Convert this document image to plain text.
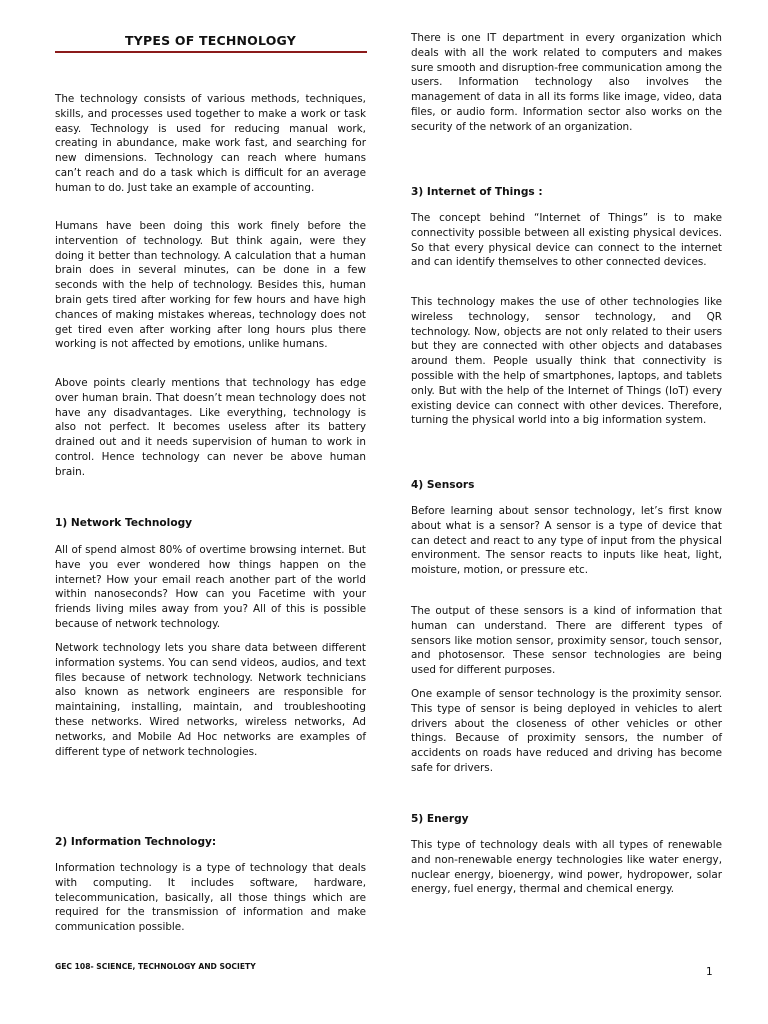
TYPES OF TECHNOLOGY
The technology consists of various methods, techniques, skills, and processes used together to make a work or task easy. Technology is used for reducing manual work, creating in abundance, make work fast, and searching for new dimensions. Technology can reach where humans can’t reach and do a task which is difficult for an average human to do. Just take an example of accounting.
Humans have been doing this work finely before the intervention of technology. But think again, were they doing it better than technology. A calculation that a human brain does in several minutes, can be done in a few seconds with the help of technology. Besides this, human brain gets tired after working for few hours and have high chances of making mistakes whereas, technology does not get tired even after working after long hours plus there working is not affected by emotions, unlike humans.
Above points clearly mentions that technology has edge over human brain. That doesn’t mean technology does not have any disadvantages. Like everything, technology is also not perfect. It becomes useless after its battery drained out and it needs supervision of human to work in control. Hence technology can never be above human brain.
1) Network Technology
All of spend almost 80% of overtime browsing internet. But have you ever wondered how things happen on the internet? How your email reach another part of the world within nanoseconds? How can you Facetime with your friends living miles away from you? All of this is possible because of network technology.
Network technology lets you share data between different information systems. You can send videos, audios, and text files because of network technology. Network technicians also known as network engineers are responsible for maintaining, installing, maintain, and troubleshooting these networks. Wired networks, wireless networks, Ad networks, and Mobile Ad Hoc networks are examples of different type of network technologies.
2) Information Technology:
Information technology is a type of technology that deals with computing. It includes software, hardware, telecommunication, basically, all those things which are required for the transmission of information and make communication possible.
There is one IT department in every organization which deals with all the work related to computers and makes sure smooth and disruption-free communication among the users. Information technology also involves the management of data in all its forms like image, video, data files, or audio form. Information sector also works on the security of the network of an organization.
3) Internet of Things :
The concept behind “Internet of Things” is to make connectivity possible between all existing physical devices. So that every physical device can connect to the internet and can identify themselves to other connected devices.
This technology makes the use of other technologies like wireless technology, sensor technology, and QR technology. Now, objects are not only related to their users but they are connected with other objects and databases around them. People usually think that connectivity is possible with the help of smartphones, laptops, and tablets only. But with the help of the Internet of Things (IoT) every existing device can connect with other devices. Therefore, turning the physical world into a big information system.
4) Sensors
Before learning about sensor technology, let’s first know about what is a sensor? A sensor is a type of device that can detect and react to any type of input from the physical environment. The sensor reacts to inputs like heat, light, moisture, motion, or pressure etc.
The output of these sensors is a kind of information that human can understand. There are different types of sensors like motion sensor, proximity sensor, touch sensor, and photosensor. These sensor technologies are being used for different purposes.
One example of sensor technology is the proximity sensor. This type of sensor is being deployed in vehicles to alert drivers about the closeness of other vehicles or other things. Because of proximity sensors, the number of accidents on roads have reduced and driving has become safe for drivers.
5) Energy
This type of technology deals with all types of renewable and non-renewable energy technologies like water energy, nuclear energy, bioenergy, wind power, hydropower, solar energy, fuel energy, thermal and chemical energy.
GEC 108- SCIENCE, TECHNOLOGY AND SOCIETY	1
